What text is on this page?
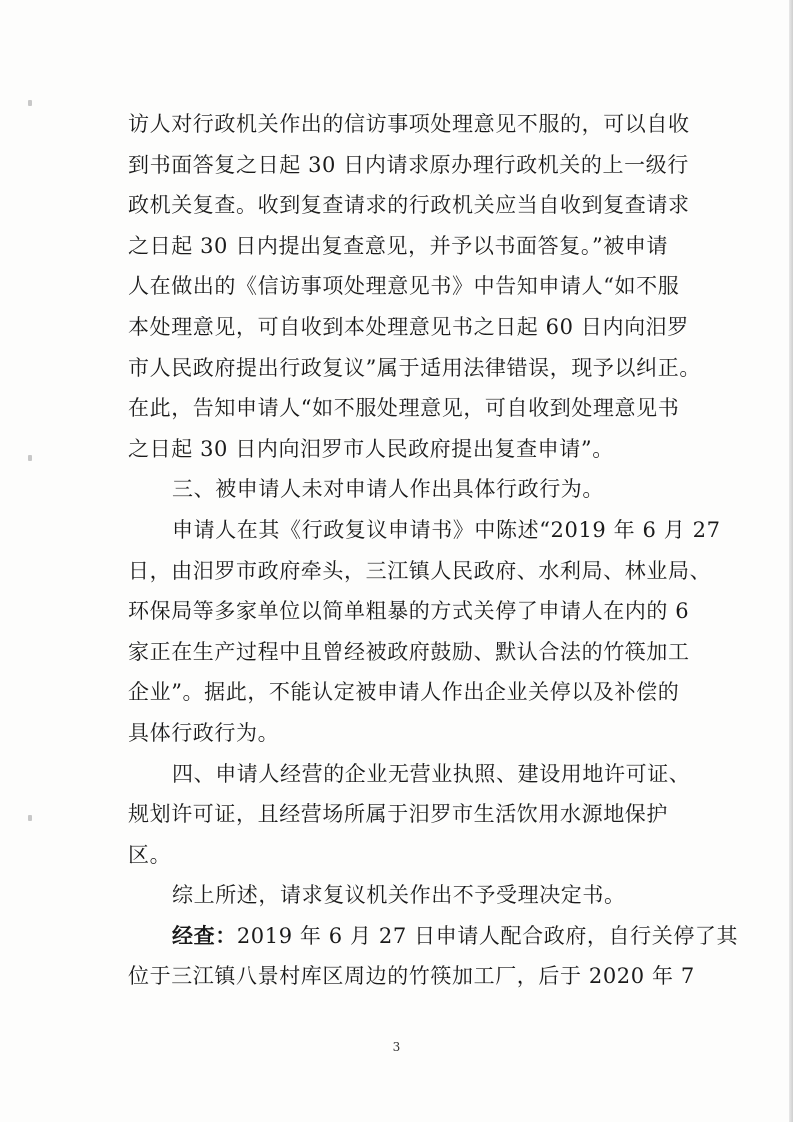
访人对行政机关作出的信访事项处理意见不服的，可以自收
到书面答复之日起 30 日内请求原办理行政机关的上一级行
政机关复查。收到复查请求的行政机关应当自收到复查请求
之日起 30 日内提出复查意见，并予以书面答复。”被申请
人在做出的《信访事项处理意见书》中告知申请人“如不服
本处理意见，可自收到本处理意见书之日起 60 日内向汨罗
市人民政府提出行政复议”属于适用法律错误，现予以纠正。
在此，告知申请人“如不服处理意见，可自收到处理意见书
之日起 30 日内向汨罗市人民政府提出复查申请”。
三、被申请人未对申请人作出具体行政行为。
申请人在其《行政复议申请书》中陈述“2019 年 6 月 27
日，由汨罗市政府牵头，三江镇人民政府、水利局、林业局、
环保局等多家单位以简单粗暴的方式关停了申请人在内的 6
家正在生产过程中且曾经被政府鼓励、默认合法的竹筷加工
企业”。据此，不能认定被申请人作出企业关停以及补偿的
具体行政行为。
四、申请人经营的企业无营业执照、建设用地许可证、
规划许可证，且经营场所属于汨罗市生活饮用水源地保护
区。
综上所述，请求复议机关作出不予受理决定书。
经查：2019 年 6 月 27 日申请人配合政府，自行关停了其
位于三江镇八景村库区周边的竹筷加工厂，后于 2020 年 7
3
